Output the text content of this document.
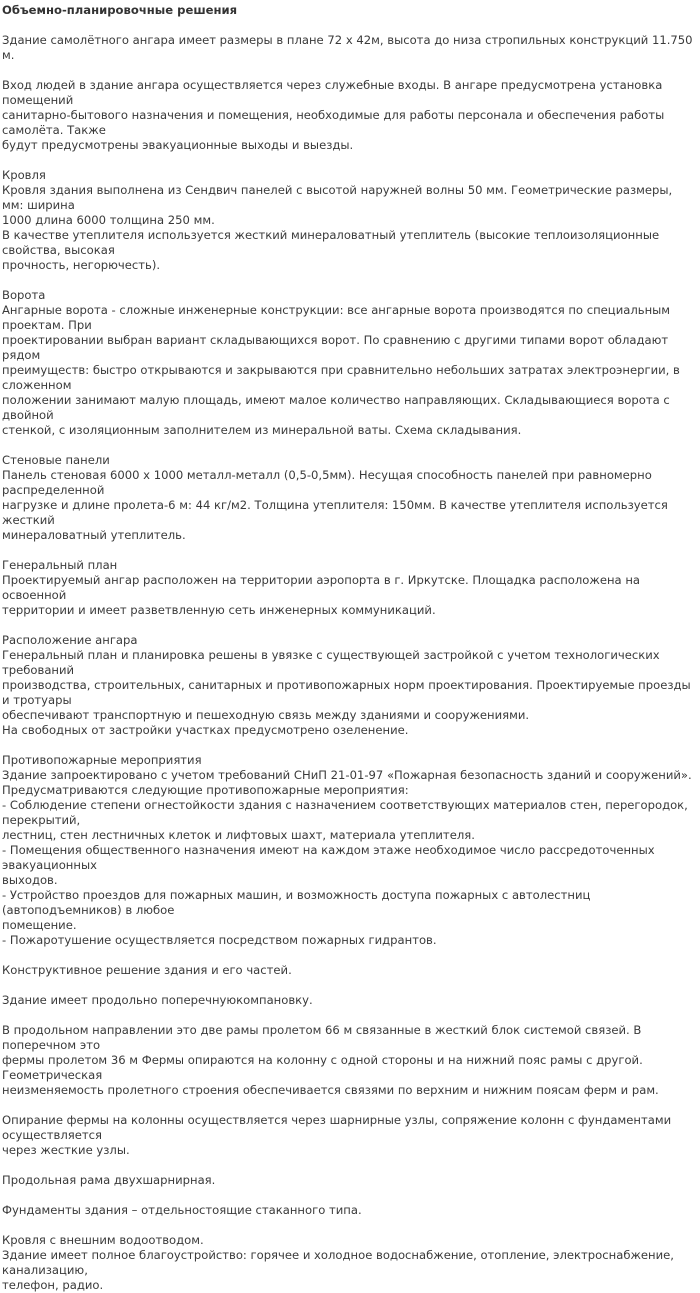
Объемно-планировочные решения
Здание самолётного ангара имеет размеры в плане 72 х 42м, высота до низа стропильных конструкций 11.750 м.
Вход людей в здание ангара осуществляется через служебные входы. В ангаре предусмотрена установка помещений
санитарно-бытового назначения и помещения, необходимые для работы персонала и обеспечения работы самолёта. Также
будут предусмотрены эвакуационные выходы и выезды.
Кровля
Кровля здания выполнена из Сендвич панелей с высотой наружней волны 50 мм. Геометрические размеры, мм: ширина
1000 длина 6000 толщина 250 мм.
В качестве утеплителя используется жесткий минераловатный утеплитель (высокие теплоизоляционные свойства, высокая
прочность, негорючесть).
Ворота
Ангарные ворота - сложные инженерные конструкции: все ангарные ворота производятся по специальным проектам. При
проектировании выбран вариант складывающихся ворот. По сравнению с другими типами ворот обладают рядом
преимуществ: быстро открываются и закрываются при сравнительно небольших затратах электроэнергии, в сложенном
положении занимают малую площадь, имеют малое количество направляющих. Складывающиеся ворота с двойной
стенкой, с изоляционным заполнителем из минеральной ваты. Схема складывания.
Стеновые панели
Панель стеновая 6000 х 1000 металл-металл (0,5-0,5мм). Несущая способность панелей при равномерно распределенной
нагрузке и длине пролета-6 м: 44 кг/м2. Толщина утеплителя: 150мм. В качестве утеплителя используется жесткий
минераловатный утеплитель.
Генеральный план
Проектируемый ангар расположен на территории аэропорта в г. Иркутске. Площадка расположена на освоенной
территории и имеет разветвленную сеть инженерных коммуникаций.
Расположение ангара
Генеральный план и планировка решены в увязке с существующей застройкой с учетом технологических требований
производства, строительных, санитарных и противопожарных норм проектирования. Проектируемые проезды и тротуары
обеспечивают транспортную и пешеходную связь между зданиями и сооружениями.
На свободных от застройки участках предусмотрено озеленение.
Противопожарные мероприятия
Здание запроектировано с учетом требований СНиП 21-01-97 «Пожарная безопасность зданий и сооружений».
Предусматриваются следующие противопожарные мероприятия:
- Соблюдение степени огнестойкости здания с назначением соответствующих материалов стен, перегородок, перекрытий,
лестниц, стен лестничных клеток и лифтовых шахт, материала утеплителя.
- Помещения общественного назначения имеют на каждом этаже необходимое число рассредоточенных эвакуационных
выходов.
- Устройство проездов для пожарных машин, и возможность доступа пожарных с автолестниц (автоподъемников) в любое
помещение.
- Пожаротушение осуществляется посредством пожарных гидрантов.
Конструктивное решение здания и его частей.
Здание имеет продольно поперечнуюкомпановку.
В продольном направлении это две рамы пролетом 66 м связанные в жесткий блок системой связей. В поперечном это
фермы пролетом 36 м Фермы опираются на колонну с одной стороны и на нижний пояс рамы с другой. Геометрическая
неизменяемость пролетного строения обеспечивается связями по верхним и нижним поясам ферм и рам.
Опирание фермы на колонны осуществляется через шарнирные узлы, сопряжение колонн с фундаментами осуществляется
через жесткие узлы.
Продольная рама двухшарнирная.
Фундаменты здания – отдельностоящие стаканного типа.
Кровля с внешним водоотводом.
Здание имеет полное благоустройство: горячее и холодное водоснабжение, отопление, электроснабжение, канализацию,
телефон, радио.
